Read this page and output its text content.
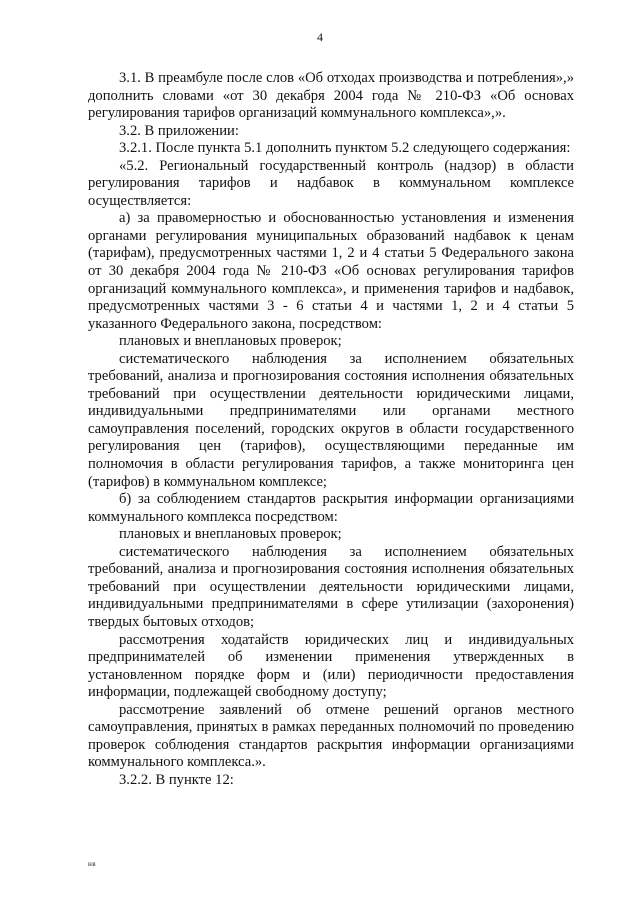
4

3.1. В преамбуле после слов «Об отходах производства и потребления»,» дополнить словами «от 30 декабря 2004 года № 210-ФЗ «Об основах регулирования тарифов организаций коммунального комплекса»,».

3.2. В приложении:

3.2.1. После пункта 5.1 дополнить пунктом 5.2 следующего содержания:

«5.2. Региональный государственный контроль (надзор) в области регулирования тарифов и надбавок в коммунальном комплексе осуществляется:

а) за правомерностью и обоснованностью установления и изменения органами регулирования муниципальных образований надбавок к ценам (тарифам), предусмотренных частями 1, 2 и 4 статьи 5 Федерального закона от 30 декабря 2004 года № 210-ФЗ «Об основах регулирования тарифов организаций коммунального комплекса», и применения тарифов и надбавок, предусмотренных частями 3 - 6 статьи 4 и частями 1, 2 и 4 статьи 5 указанного Федерального закона, посредством:

плановых и внеплановых проверок;

систематического наблюдения за исполнением обязательных требований, анализа и прогнозирования состояния исполнения обязательных требований при осуществлении деятельности юридическими лицами, индивидуальными предпринимателями или органами местного самоуправления поселений, городских округов в области государственного регулирования цен (тарифов), осуществляющими переданные им полномочия в области регулирования тарифов, а также мониторинга цен (тарифов) в коммунальном комплексе;

б) за соблюдением стандартов раскрытия информации организациями коммунального комплекса посредством:

плановых и внеплановых проверок;

систематического наблюдения за исполнением обязательных требований, анализа и прогнозирования состояния исполнения обязательных требований при осуществлении деятельности юридическими лицами, индивидуальными предпринимателями в сфере утилизации (захоронения) твердых бытовых отходов;

рассмотрения ходатайств юридических лиц и индивидуальных предпринимателей об изменении применения утвержденных в установленном порядке форм и (или) периодичности предоставления информации, подлежащей свободному доступу;

рассмотрение заявлений об отмене решений органов местного самоуправления, принятых в рамках переданных полномочий по проведению проверок соблюдения стандартов раскрытия информации организациями коммунального комплекса.».

3.2.2. В пункте 12:

нв
